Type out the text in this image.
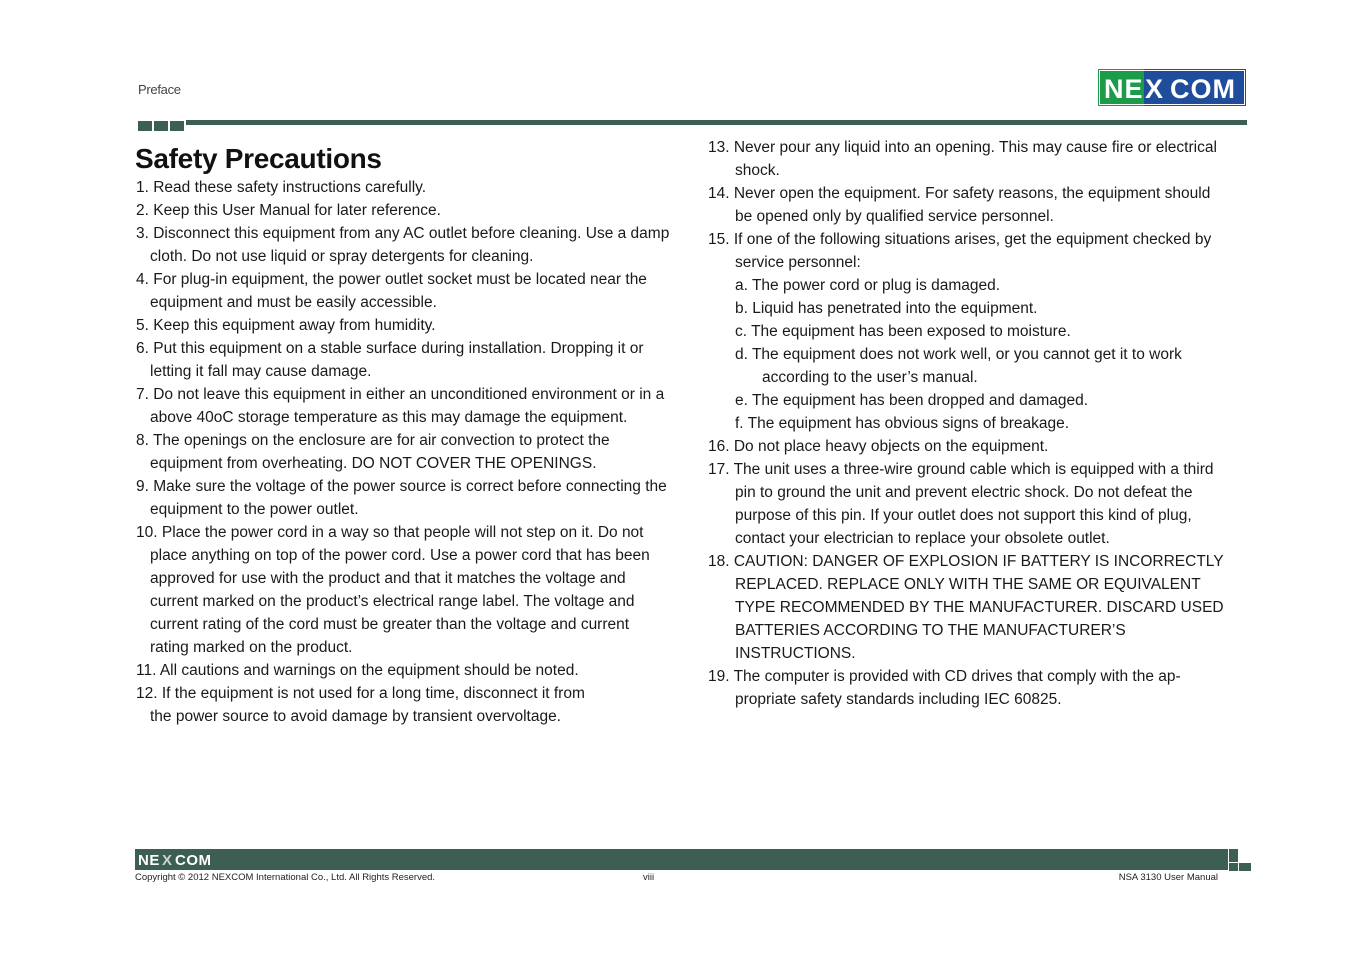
Preface	NE X COM
Safety Precautions
1. Read these safety instructions carefully.
2. Keep this User Manual for later reference.
3. Disconnect this equipment from any AC outlet before cleaning. Use a damp cloth. Do not use liquid or spray detergents for cleaning.
4. For plug-in equipment, the power outlet socket must be located near the equipment and must be easily accessible.
5. Keep this equipment away from humidity.
6. Put this equipment on a stable surface during installation. Dropping it or letting it fall may cause damage.
7. Do not leave this equipment in either an unconditioned environment or in a above 40oC storage temperature as this may damage the equipment.
8. The openings on the enclosure are for air convection to protect the equipment from overheating. DO NOT COVER THE OPENINGS.
9. Make sure the voltage of the power source is correct before connecting the equipment to the power outlet.
10. Place the power cord in a way so that people will not step on it. Do not place anything on top of the power cord. Use a power cord that has been approved for use with the product and that it matches the voltage and current marked on the product’s electrical range label. The voltage and current rating of the cord must be greater than the voltage and current rating marked on the product.
11. All cautions and warnings on the equipment should be noted.
12. If the equipment is not used for a long time, disconnect it from the power source to avoid damage by transient overvoltage.
13. Never pour any liquid into an opening. This may cause fire or electrical shock.
14. Never open the equipment. For safety reasons, the equipment should be opened only by qualified service personnel.
15. If one of the following situations arises, get the equipment checked by service personnel:
a. The power cord or plug is damaged.
b. Liquid has penetrated into the equipment.
c. The equipment has been exposed to moisture.
d. The equipment does not work well, or you cannot get it to work according to the user’s manual.
e. The equipment has been dropped and damaged.
f. The equipment has obvious signs of breakage.
16. Do not place heavy objects on the equipment.
17. The unit uses a three-wire ground cable which is equipped with a third pin to ground the unit and prevent electric shock. Do not defeat the purpose of this pin. If your outlet does not support this kind of plug, contact your electrician to replace your obsolete outlet.
18. CAUTION: DANGER OF EXPLOSION IF BATTERY IS INCORRECTLY REPLACED. REPLACE ONLY WITH THE SAME OR EQUIVALENT TYPE RECOMMENDED BY THE MANUFACTURER. DISCARD USED BATTERIES ACCORDING TO THE MANUFACTURER’S INSTRUCTIONS.
19. The computer is provided with CD drives that comply with the ap-propriate safety standards including IEC 60825.
NE X COM
Copyright © 2012 NEXCOM International Co., Ltd. All Rights Reserved.	viii	NSA 3130 User Manual
